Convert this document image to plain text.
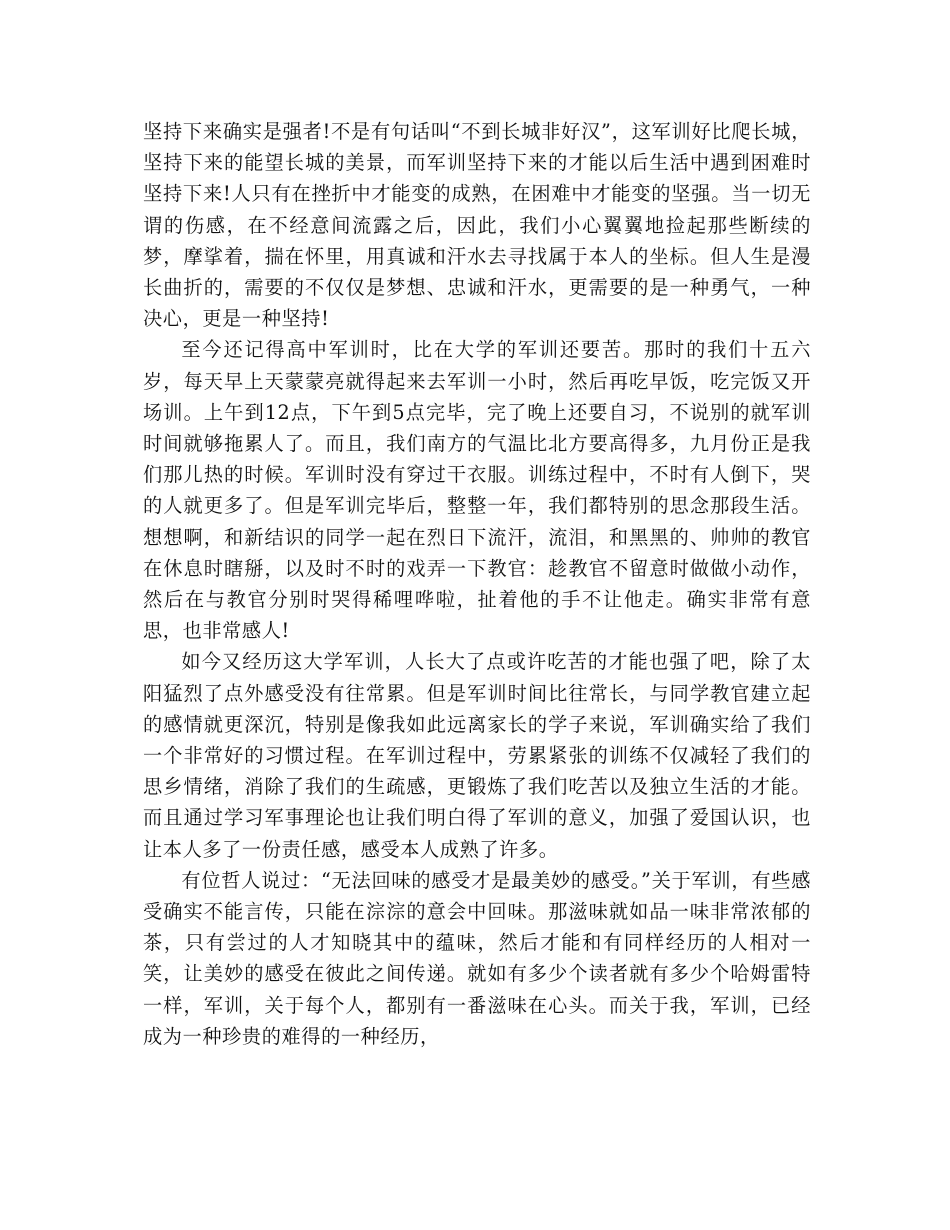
坚持下来确实是强者!不是有句话叫“不到长城非好汉”，这军训好比爬长城，坚持下来的能望长城的美景，而军训坚持下来的才能以后生活中遇到困难时坚持下来!人只有在挫折中才能变的成熟，在困难中才能变的坚强。当一切无谓的伤感，在不经意间流露之后，因此，我们小心翼翼地捡起那些断续的梦，摩挲着，揣在怀里，用真诚和汗水去寻找属于本人的坐标。但人生是漫长曲折的，需要的不仅仅是梦想、忠诚和汗水，更需要的是一种勇气，一种决心，更是一种坚持!

至今还记得高中军训时，比在大学的军训还要苦。那时的我们十五六岁，每天早上天蒙蒙亮就得起来去军训一小时，然后再吃早饭，吃完饭又开场训。上午到12点，下午到5点完毕，完了晚上还要自习，不说别的就军训时间就够拖累人了。而且，我们南方的气温比北方要高得多，九月份正是我们那儿热的时候。军训时没有穿过干衣服。训练过程中，不时有人倒下，哭的人就更多了。但是军训完毕后，整整一年，我们都特别的思念那段生活。想想啊，和新结识的同学一起在烈日下流汗，流泪，和黑黑的、帅帅的教官在休息时瞎掰，以及时不时的戏弄一下教官：趁教官不留意时做做小动作，然后在与教官分别时哭得稀哩哗啦，扯着他的手不让他走。确实非常有意思，也非常感人!

如今又经历这大学军训，人长大了点或许吃苦的才能也强了吧，除了太阳猛烈了点外感受没有往常累。但是军训时间比往常长，与同学教官建立起的感情就更深沉，特别是像我如此远离家长的学子来说，军训确实给了我们一个非常好的习惯过程。在军训过程中，劳累紧张的训练不仅减轻了我们的思乡情绪，消除了我们的生疏感，更锻炼了我们吃苦以及独立生活的才能。而且通过学习军事理论也让我们明白得了军训的意义，加强了爱国认识，也让本人多了一份责任感，感受本人成熟了许多。

有位哲人说过：“无法回味的感受才是最美妙的感受。”关于军训，有些感受确实不能言传，只能在淙淙的意会中回味。那滋味就如品一味非常浓郁的茶，只有尝过的人才知晓其中的蕴味，然后才能和有同样经历的人相对一笑，让美妙的感受在彼此之间传递。就如有多少个读者就有多少个哈姆雷特一样，军训，关于每个人，都别有一番滋味在心头。而关于我，军训，已经成为一种珍贵的难得的一种经历，
